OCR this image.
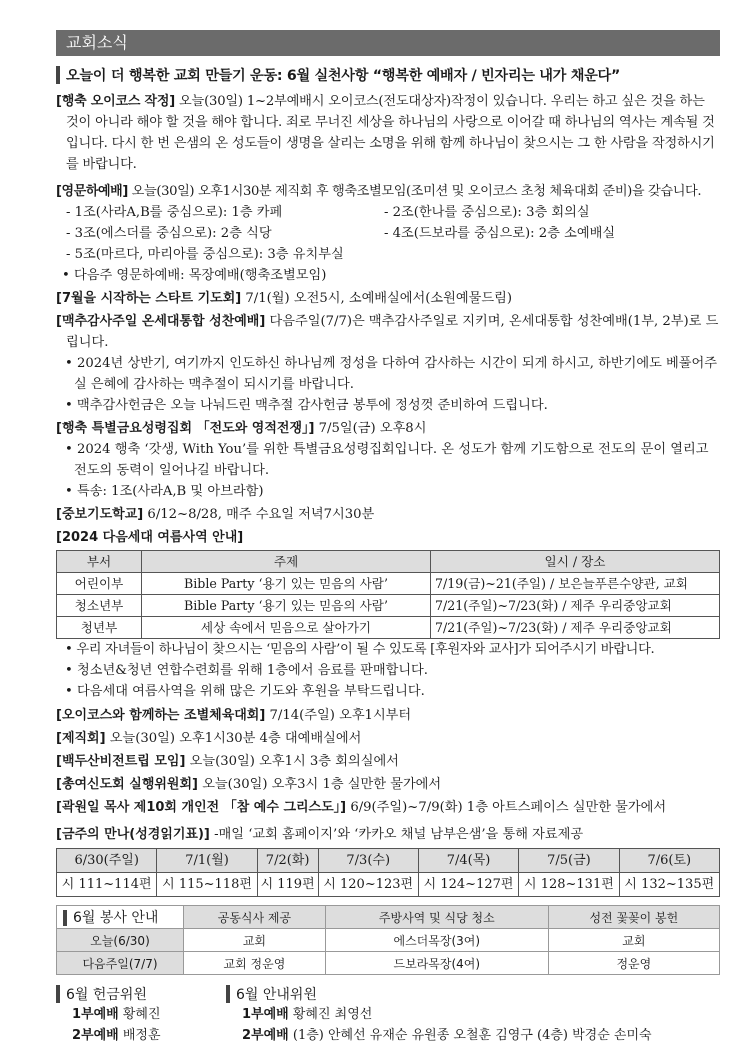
교회소식
오늘이 더 행복한 교회 만들기 운동: 6월 실천사항 “행복한 예배자 / 빈자리는 내가 채운다”
[행축 오이코스 작정] 오늘(30일) 1~2부예배시 오이코스(전도대상자)작정이 있습니다. 우리는 하고 싶은 것을 하는 것이 아니라 해야 할 것을 해야 합니다. 죄로 무너진 세상을 하나님의 사랑으로 이어갈 때 하나님의 역사는 계속될 것입니다. 다시 한 번 은샘의 온 성도들이 생명을 살리는 소명을 위해 함께 하나님이 찾으시는 그 한 사람을 작정하시기를 바랍니다.
[영문하예배] 오늘(30일) 오후1시30분 제직회 후 행축조별모임(조미션 및 오이코스 초청 체육대회 준비)을 갖습니다.
- 1조(사라A,B를 중심으로): 1층 카페	- 2조(한나를 중심으로): 3층 회의실
- 3조(에스더를 중심으로): 2층 식당	- 4조(드보라를 중심으로): 2층 소예배실
- 5조(마르다, 마리아를 중심으로): 3층 유치부실
• 다음주 영문하예배: 목장예배(행축조별모임)
[7월을 시작하는 스타트 기도회] 7/1(월) 오전5시, 소예배실에서(소원예물드림)
[맥추감사주일 온세대통합 성찬예배] 다음주일(7/7)은 맥추감사주일로 지키며, 온세대통합 성찬예배(1부, 2부)로 드립니다.
• 2024년 상반기, 여기까지 인도하신 하나님께 정성을 다하여 감사하는 시간이 되게 하시고, 하반기에도 베풀어주실 은혜에 감사하는 맥추절이 되시기를 바랍니다.
• 맥추감사헌금은 오늘 나눠드린 맥추절 감사헌금 봉투에 정성껏 준비하여 드립니다.
[행축 특별금요성령집회 「전도와 영적전쟁」] 7/5일(금) 오후8시
• 2024 행축 ‘갓생, With You’를 위한 특별금요성령집회입니다. 온 성도가 함께 기도함으로 전도의 문이 열리고 전도의 동력이 일어나길 바랍니다.
• 특송: 1조(사라A,B 및 아브라함)
[중보기도학교] 6/12~8/28, 매주 수요일 저녁7시30분
[2024 다음세대 여름사역 안내]
부서	주제	일시 / 장소
어린이부	Bible Party ‘용기 있는 믿음의 사람’	7/19(금)~21(주일) / 보은늘푸른수양관, 교회
청소년부	Bible Party ‘용기 있는 믿음의 사람’	7/21(주일)~7/23(화) / 제주 우리중앙교회
청년부	세상 속에서 믿음으로 살아가기	7/21(주일)~7/23(화) / 제주 우리중앙교회
• 우리 자녀들이 하나님이 찾으시는 ‘믿음의 사람’이 될 수 있도록 [후원자와 교사]가 되어주시기 바랍니다.
• 청소년&청년 연합수련회를 위해 1층에서 음료를 판매합니다.
• 다음세대 여름사역을 위해 많은 기도와 후원을 부탁드립니다.
[오이코스와 함께하는 조별체육대회] 7/14(주일) 오후1시부터
[제직회] 오늘(30일) 오후1시30분 4층 대예배실에서
[백두산비전트립 모임] 오늘(30일) 오후1시 3층 회의실에서
[총여신도회 실행위원회] 오늘(30일) 오후3시 1층 실만한 물가에서
[곽원일 목사 제10회 개인전 「참 예수 그리스도」] 6/9(주일)~7/9(화) 1층 아트스페이스 실만한 물가에서
[금주의 만나(성경읽기표)] -매일 ‘교회 홈페이지’와 ‘카카오 채널 남부은샘’을 통해 자료제공
6/30(주일)	7/1(월)	7/2(화)	7/3(수)	7/4(목)	7/5(금)	7/6(토)
시 111~114편	시 115~118편	시 119편	시 120~123편	시 124~127편	시 128~131편	시 132~135편
6월 봉사 안내	공동식사 제공	주방사역 및 식당 청소	성전 꽃꽂이 봉헌
오늘(6/30)	교회	에스더목장(3여)	교회
다음주일(7/7)	교회 정운영	드보라목장(4여)	정운영
6월 헌금위원
1부예배 황혜진
2부예배 배정훈
6월 안내위원
1부예배 황혜진 최영선
2부예배 (1층) 안혜선 유재순 유원종 오철훈 김영구 (4층) 박경순 손미숙
